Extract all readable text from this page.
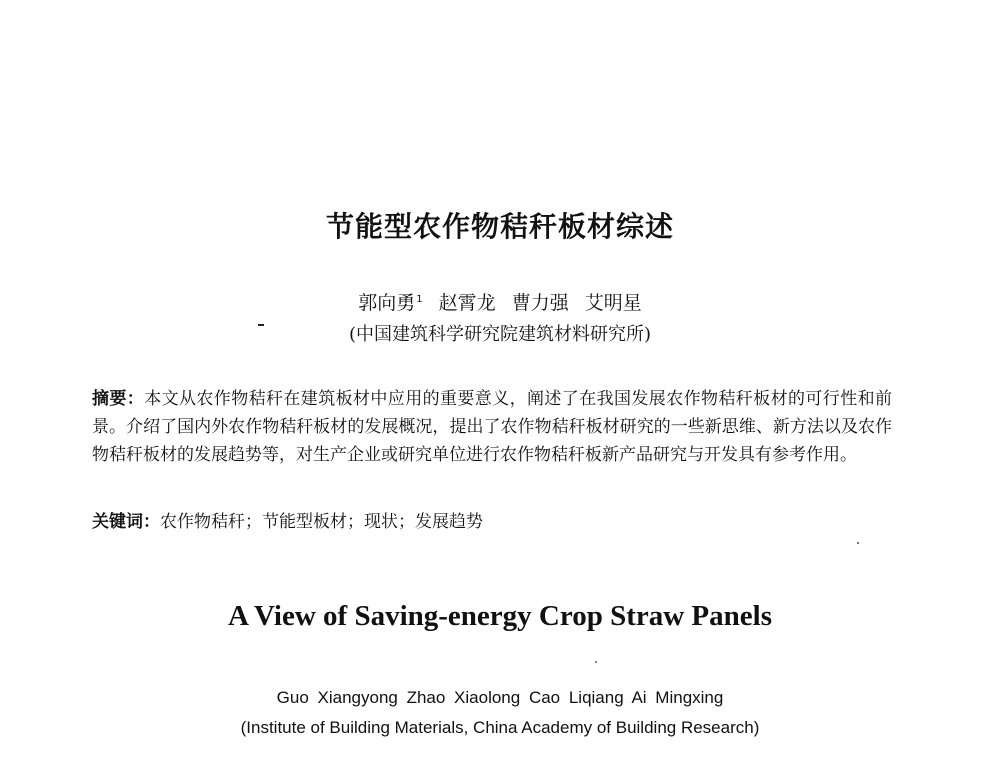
节能型农作物秸秆板材综述
郭向勇$^1$ 赵霄龙 曹力强 艾明星
(中国建筑科学研究院建筑材料研究所)
摘要：本文从农作物秸秆在建筑板材中应用的重要意义，阐述了在我国发展农作物秸秆板材的可行性和前景。介绍了国内外农作物秸秆板材的发展概况，提出了农作物秸秆板材研究的一些新思维、新方法以及农作物秸秆板材的发展趋势等，对生产企业或研究单位进行农作物秸秆板新产品研究与开发具有参考作用。
关键词：农作物秸秆；节能型板材；现状；发展趋势
A View of Saving-energy Crop Straw Panels
Guo Xiangyong Zhao Xiaolong Cao Liqiang Ai Mingxing
(Institute of Building Materials, China Academy of Building Research)
